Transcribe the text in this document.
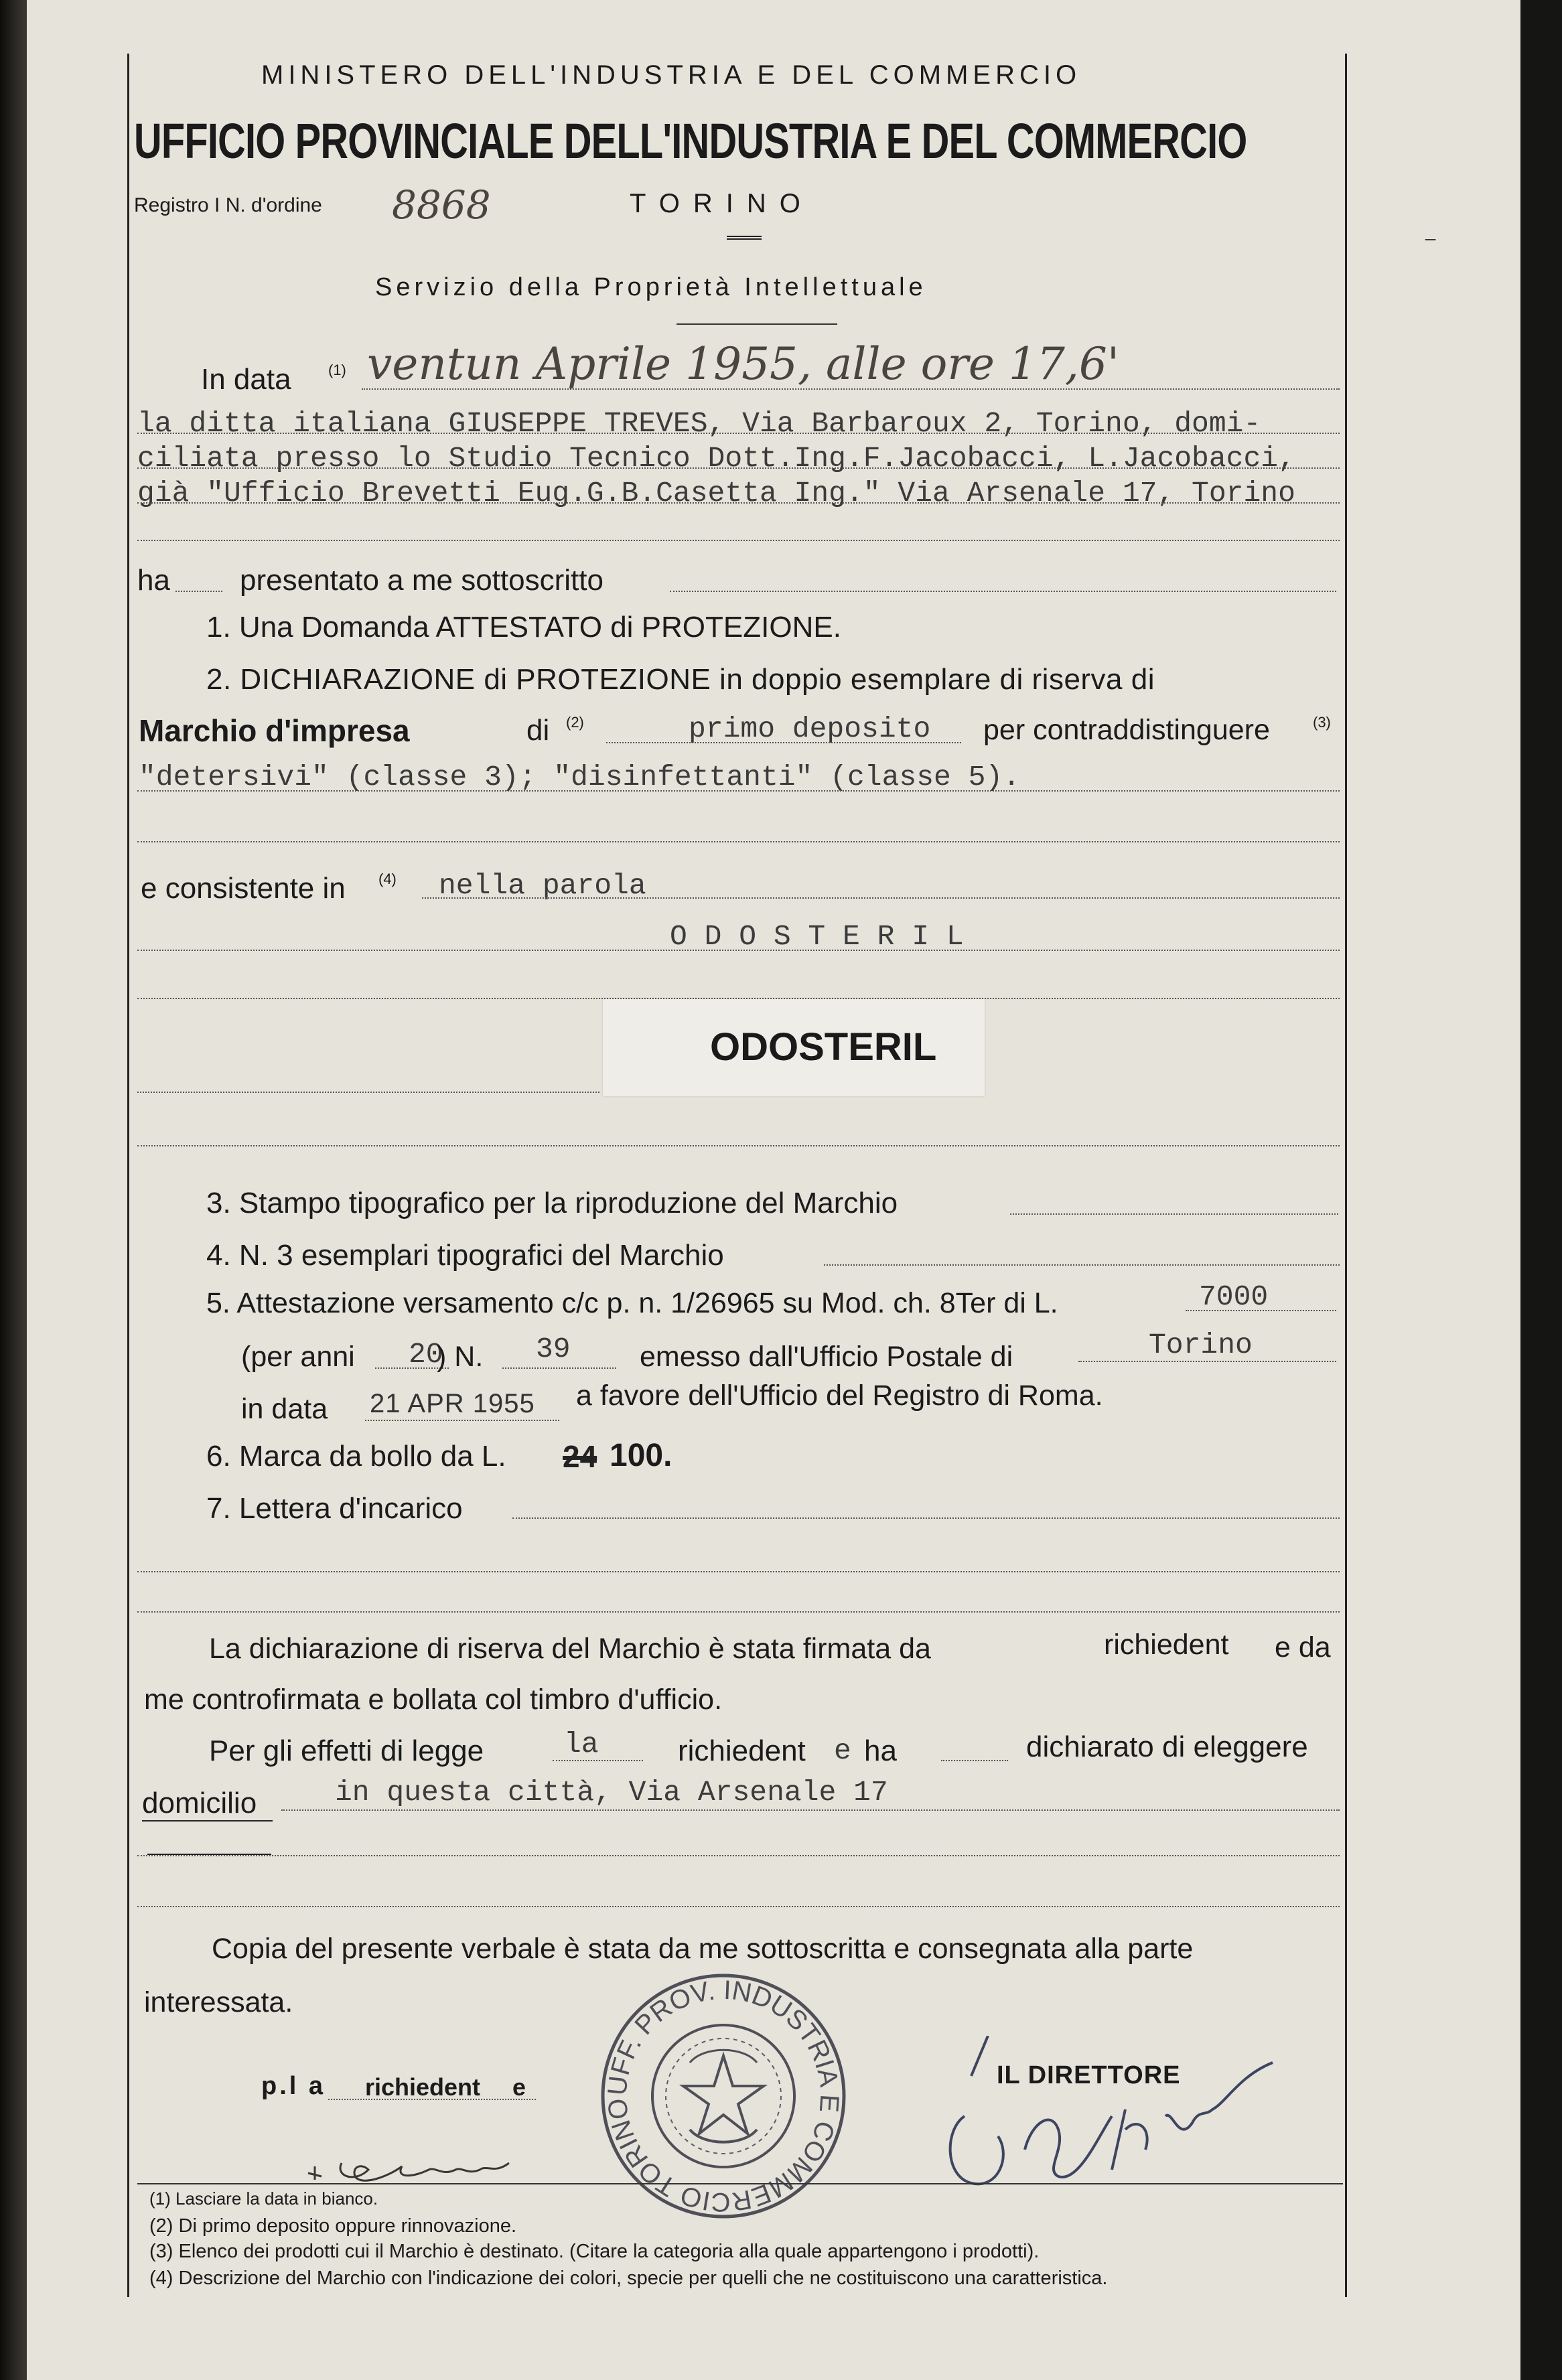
MINISTERO DELL'INDUSTRIA E DEL COMMERCIO
UFFICIO PROVINCIALE DELL'INDUSTRIA E DEL COMMERCIO
Registro I N. d'ordine 8868	TORINO
Servizio della Proprietà Intellettuale
⁻
In data	(1) ventun Aprile 1955, alle ore 17,6'
la ditta italiana GIUSEPPE TREVES, Via Barbaroux 2, Torino, domi-
ciliata presso lo Studio Tecnico Dott.Ing.F.Jacobacci, L.Jacobacci,
già "Ufficio Brevetti Eug.G.B.Casetta Ing." Via Arsenale 17, Torino
ha presentato a me sottoscritto
1. Una Domanda ATTESTATO di PROTEZIONE.
2. DICHIARAZIONE di PROTEZIONE in doppio esemplare di riserva di
Marchio d'impresa	di (2)	primo deposito per contraddistinguere	(3)
"detersivi" (classe 3); "disinfettanti" (classe 5).
e consistente in (4) nella parola
O D O S T E R I L
ODOSTERIL
3. Stampo tipografico per la riproduzione del Marchio
4. N. 3 esemplari tipografici del Marchio
5. Attestazione versamento c/c p. n. 1/26965 su Mod. ch. 8Ter di L.	7000
(per anni 20
) N. 39 emesso dall'Ufficio Postale di	Torino
in data 21 APR 1955 a favore dell'Ufficio del Registro di Roma.
6. Marca da bollo da L. 24 100.
7. Lettera d'incarico
La dichiarazione di riserva del Marchio è stata firmata da	richiedent e da
me controfirmata e bollata col timbro d'ufficio.
Per gli effetti di legge	la	richiedent e ha	dichiarato di eleggere
domicilio	in questa città, Via Arsenale 17
Copia del presente verbale è stata da me sottoscritta e consegnata alla parte
interessata.
p.l a richiedent e	IL DIRETTORE
UFF. PROV. INDUSTRIA E COMMERCIO TORINO
(1) Lasciare la data in bianco.
(2) Di primo deposito oppure rinnovazione.
(3) Elenco dei prodotti cui il Marchio è destinato. (Citare la categoria alla quale appartengono i prodotti).
(4) Descrizione del Marchio con l'indicazione dei colori, specie per quelli che ne costituiscono una caratteristica.
